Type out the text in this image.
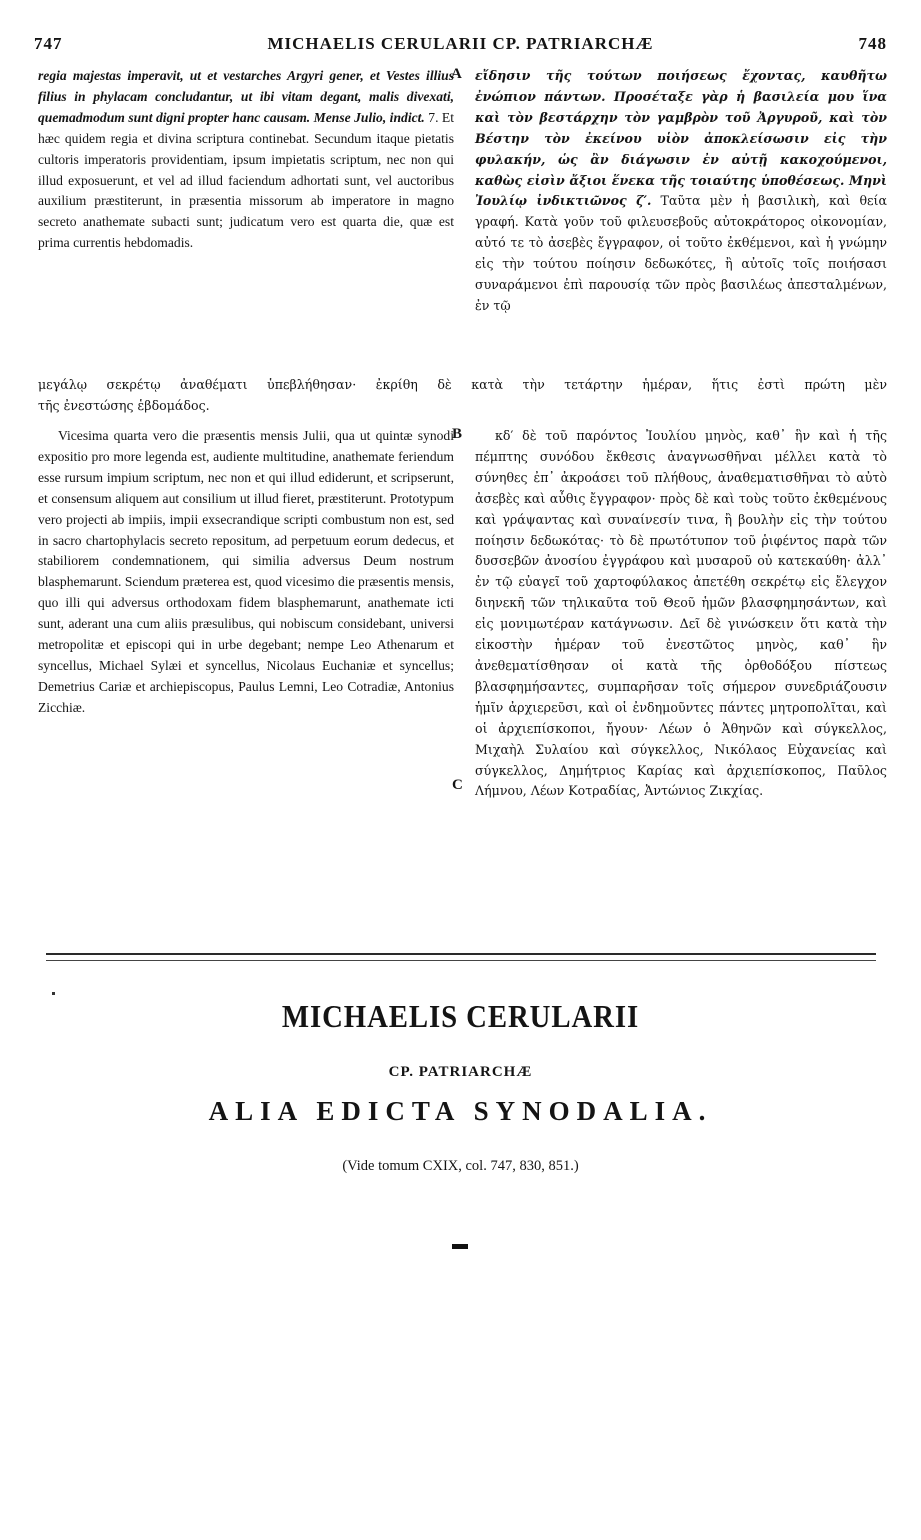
747	MICHAELIS CERULARII CP. PATRIARCHÆ	748
regia majestas imperavit, ut et vestarches Argyri gener, et Vestes illius filius in phylacam concludantur, ut ibi vitam degant, malis divexati, quemadmodum sunt digni propter hanc causam. Mense Julio, indict. 7. Et hæc quidem regia et divina scriptura continebat. Secundum itaque pietatis cultoris imperatoris providentiam, ipsum impietatis scriptum, nec non qui illud exposuerunt, et vel ad illud faciendum adhortati sunt, vel auctoribus auxilium præstiterunt, in præsentia missorum ab imperatore in magno secreto anathemate subacti sunt; judicatum vero est quarta die, quæ est prima currentis hebdomadis.
εἴδησιν τῆς τούτων ποιήσεως ἔχοντας, καυθῆτω ἐνώπιον πάντων. Προσέταξε γὰρ ἡ βασιλεία μου ἵνα καὶ τὸν βεστάρχην τὸν γαμβρὸν τοῦ Ἀργυροῦ, καὶ τὸν Βέστην τὸν ἐκείνου υἱὸν ἀποκλείσωσιν εἰς τὴν φυλακήν, ὡς ἂν διάγωσιν ἐν αὐτῇ κακοχούμενοι, καθὼς εἰσὶν ἄξιοι ἕνεκα τῆς τοιαύτης ὑποθέσεως. Μηνὶ Ἰουλίῳ ἰνδικτιῶνος ζ′. Ταῦτα μὲν ἡ βασιλικὴ, καὶ θεία γραφή. Κατὰ γοῦν τοῦ φιλευσεβοῦς αὐτοκράτορος οἰκονομίαν, αὐτό τε τὸ ἀσεβὲς ἔγγραφον, οἱ τοῦτο ἐκθέμενοι, καὶ ἡ γνώμην εἰς τὴν τούτου ποίησιν δεδωκότες, ἢ αὐτοῖς τοῖς ποιήσασι συναράμενοι ἐπὶ παρουσίᾳ τῶν πρὸς βασιλέως ἀπεσταλμένων, ἐν τῷ
μεγάλῳ σεκρέτῳ ἀναθέματι ὑπεβλήθησαν· ἐκρίθη δὲ κατὰ τὴν τετάρτην ἡμέραν, ἥτις ἐστὶ πρώτη μὲν
τῆς ἐνεστώσης ἑβδομάδος.
Vicesima quarta vero die præsentis mensis Julii, qua ut quintæ synodi expositio pro more legenda est, audiente multitudine, anathemate feriendum esse rursum impium scriptum, nec non et qui illud ediderunt, et scripserunt, et consensum aliquem aut consilium ut illud fieret, præstiterunt. Prototypum vero projecti ab impiis, impii exsecrandique scripti combustum non est, sed in sacro chartophylacis secreto repositum, ad perpetuum eorum dedecus, et stabiliorem condemnationem, qui similia adversus Deum nostrum blasphemarunt. Sciendum præterea est, quod vicesimo die præsentis mensis, quo illi qui adversus orthodoxam fidem blasphemarunt, anathemate icti sunt, aderant una cum aliis præsulibus, qui nobiscum considebant, universi metropolitæ et episcopi qui in urbe degebant; nempe Leo Athenarum et syncellus, Michael Sylæi et syncellus, Nicolaus Euchaniæ et syncellus; Demetrius Cariæ et archiepiscopus, Paulus Lemni, Leo Cotradiæ, Antonius Zicchiæ.
κδ′ δὲ τοῦ παρόντος Ἰουλίου μηνὸς, καθ᾽ ἣν καὶ ἡ τῆς πέμπτης συνόδου ἔκθεσις ἀναγνωσθῆναι μέλλει κατὰ τὸ σύνηθες ἐπ᾽ ἀκροάσει τοῦ πλήθους, ἀναθεματισθῆναι τὸ αὐτὸ ἀσεβὲς καὶ αὖθις ἔγγραφον· πρὸς δὲ καὶ τοὺς τοῦτο ἐκθεμένους καὶ γράψαντας καὶ συναίνεσίν τινα, ἢ βουλὴν εἰς τὴν τούτου ποίησιν δεδωκότας· τὸ δὲ πρωτότυπον τοῦ ῥιφέντος παρὰ τῶν δυσσεβῶν ἀνοσίου ἐγγράφου καὶ μυσαροῦ οὐ κατεκαύθη· ἀλλ᾽ ἐν τῷ εὐαγεῖ τοῦ χαρτοφύλακος ἀπετέθη σεκρέτῳ εἰς ἔλεγχον διηνεκῆ τῶν τηλικαῦτα τοῦ Θεοῦ ἡμῶν βλασφημησάντων, καὶ εἰς μονιμωτέραν κατάγνωσιν. Δεῖ δὲ γινώσκειν ὅτι κατὰ τὴν εἰκοστὴν ἡμέραν τοῦ ἐνεστῶτος μηνὸς, καθ᾽ ἣν ἀνεθεματίσθησαν οἱ κατὰ τῆς ὀρθοδόξου πίστεως βλασφημήσαντες, συμπαρῆσαν τοῖς σήμερον συνεδριάζουσιν ἡμῖν ἀρχιερεῦσι, καὶ οἱ ἐνδημοῦντες πάντες μητροπολῖται, καὶ οἱ ἀρχιεπίσκοποι, ἤγουν· Λέων ὁ Ἀθηνῶν καὶ σύγκελλος, Μιχαὴλ Συλαίου καὶ σύγκελλος, Νικόλαος Εὐχανείας καὶ σύγκελλος, Δημήτριος Καρίας καὶ ἀρχιεπίσκοπος, Παῦλος Λήμνου, Λέων Κοτραδίας, Ἀντώνιος Ζικχίας.
A
B
C
MICHAELIS CERULARII
CP. PATRIARCHÆ
ALIA EDICTA SYNODALIA.
(Vide tomum CXIX, col. 747, 830, 851.)
